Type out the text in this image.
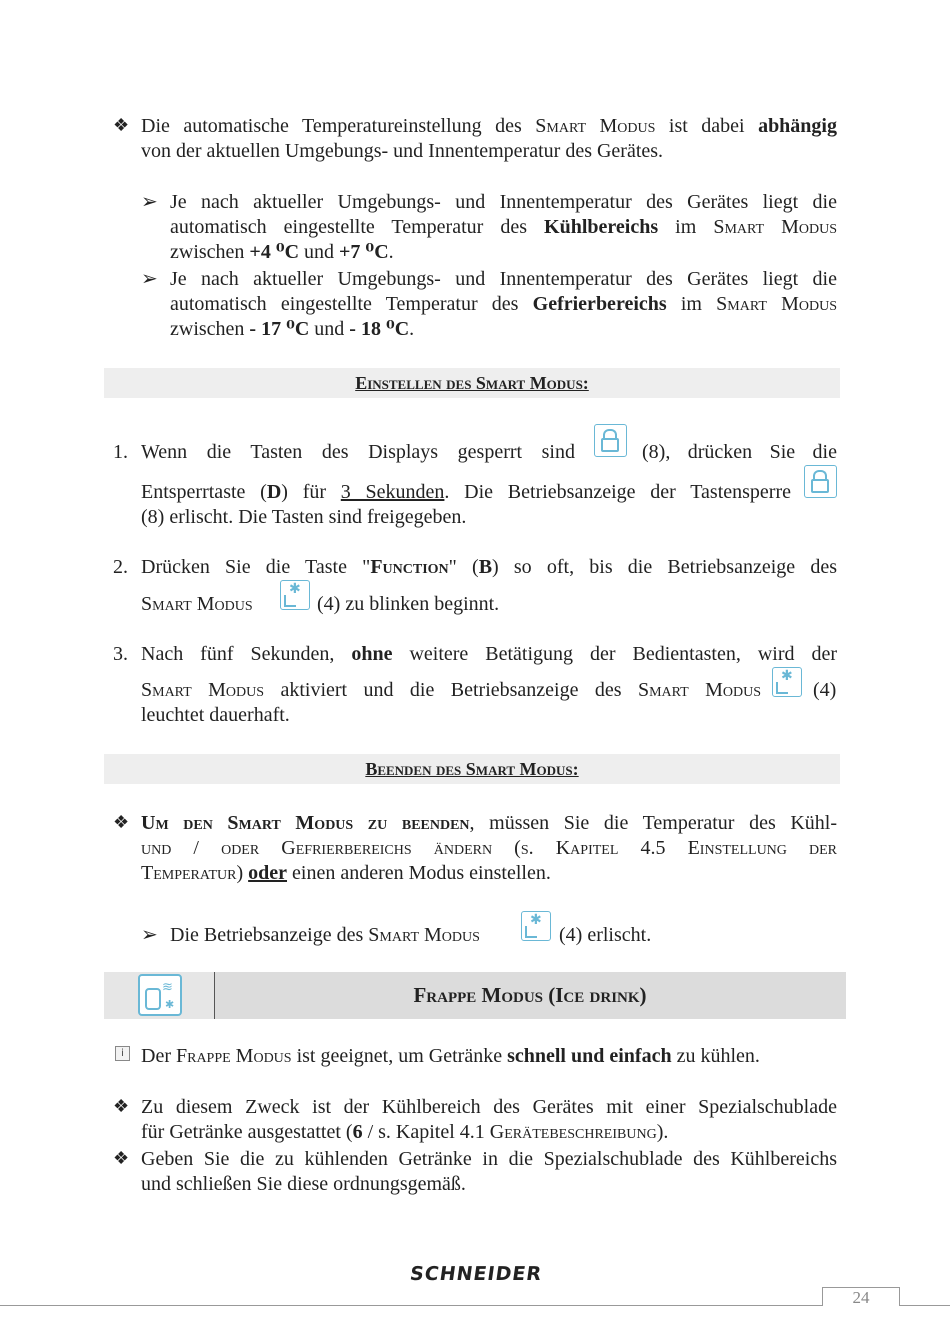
❖ Die automatische Temperatureinstellung des Smart Modus ist dabei abhängig
von der aktuellen Umgebungs- und Innentemperatur des Gerätes.
➢ Je nach aktueller Umgebungs- und Innentemperatur des Gerätes liegt die
automatisch eingestellte Temperatur des Kühlbereichs im Smart Modus
zwischen +4 ⁰C und +7 ⁰C.
➢ Je nach aktueller Umgebungs- und Innentemperatur des Gerätes liegt die
automatisch eingestellte Temperatur des Gefrierbereichs im Smart Modus
zwischen - 17 ⁰C und - 18 ⁰C.
Einstellen des Smart Modus:
1. Wenn die Tasten des Displays gesperrt sind	(8), drücken Sie die
Entsperrtaste (D) für 3 Sekunden. Die Betriebsanzeige der Tastensperre
(8) erlischt. Die Tasten sind freigegeben.
2. Drücken Sie die Taste "Function" (B) so oft, bis die Betriebsanzeige des
Smart Modus ✱	(4) zu blinken beginnt.
3. Nach fünf Sekunden, ohne weitere Betätigung der Bedientasten, wird der
Smart Modus aktiviert und die Betriebsanzeige des Smart Modus ✱	(4)
leuchtet dauerhaft.
Beenden des Smart Modus:
❖ Um den Smart Modus zu beenden, müssen Sie die Temperatur des Kühl-
und / oder Gefrierbereichs ändern (s. Kapitel 4.5 Einstellung der
Temperatur) oder einen anderen Modus einstellen.
➢ Die Betriebsanzeige des Smart Modus ✱	(4) erlischt.
≋
✱	Frappe Modus (Ice drink)
i Der Frappe Modus ist geeignet, um Getränke schnell und einfach zu kühlen.
❖ Zu diesem Zweck ist der Kühlbereich des Gerätes mit einer Spezialschublade
für Getränke ausgestattet (6 / s. Kapitel 4.1 Gerätebeschreibung).
❖ Geben Sie die zu kühlenden Getränke in die Spezialschublade des Kühlbereichs
und schließen Sie diese ordnungsgemäß.
SCHNEIDER
24
